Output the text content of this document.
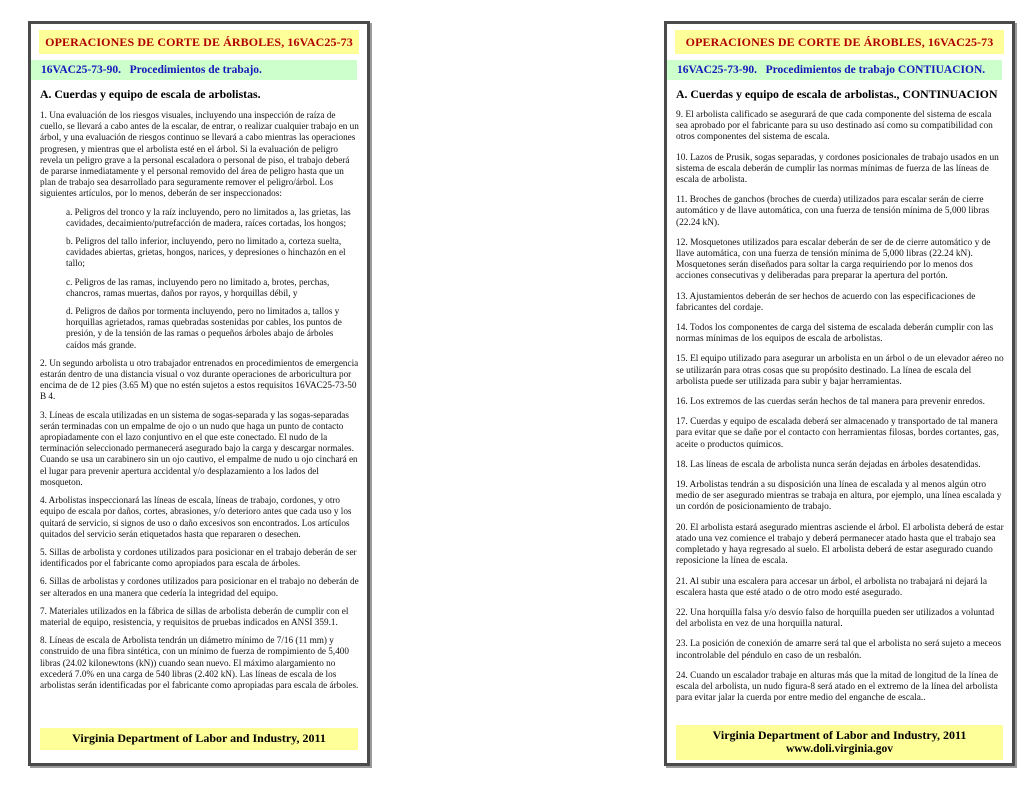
OPERACIONES DE CORTE DE ÁRBOLES, 16VAC25-73
16VAC25-73-90.   Procedimientos de trabajo.
A. Cuerdas y equipo de escala de arbolistas.

1. Una evaluación de los riesgos visuales, incluyendo una inspección de raíza de cuello, se llevará a cabo antes de la escalar, de entrar, o realizar cualquier trabajo en un árbol, y una evaluación de riesgos continuo se llevará a cabo mientras las operaciones progresen, y mientras que el arbolista esté en el árbol. Si la evaluación de peligro revela un peligro grave a la personal escaladora o personal de piso, el trabajo deberá de pararse inmediatamente y el personal removido del área de peligro hasta que un plan de trabajo sea desarrollado para seguramente remover el peligro/árbol. Los siguientes artículos, por lo menos, deberán de ser inspeccionados:

a. Peligros del tronco y la raíz incluyendo, pero no limitados a, las grietas, las cavidades, decaimiento/putrefacción de madera, raíces cortadas, los hongos;

b. Peligros del tallo inferior, incluyendo, pero no limitado a, corteza suelta, cavidades abiertas, grietas, hongos, narices, y depresiones o hinchazón en el tallo;

c. Peligros de las ramas, incluyendo pero no limitado a, brotes, perchas, chancros, ramas muertas, daños por rayos, y horquillas débil, y

d. Peligros de daños por tormenta incluyendo, pero no limitados a, tallos y horquillas agrietados, ramas quebradas sostenidas por cables, los puntos de presión, y de la tensión de las ramas o pequeños árboles abajo de árboles caídos más grande.

2. Un segundo arbolista u otro trabajador entrenados en procedimientos de emergencia estarán dentro de una distancia visual o voz durante operaciones de arboricultura por encima de de 12 pies (3.65 M) que no estén sujetos a estos requisitos 16VAC25-73-50 B 4.

3. Líneas de escala utilizadas en un sistema de sogas-separada y las sogas-separadas serán terminadas con un empalme de ojo o un nudo que haga un punto de contacto apropiadamente con el lazo conjuntivo en el que este conectado. El nudo de la terminación seleccionado permanecerá asegurado bajo la carga y descargar normales. Cuando se usa un carabinero sin un ojo cautivo, el empalme de nudo u ojo cinchará en el lugar para prevenir apertura accidental y/o desplazamiento a los lados del mosqueton.

4. Arbolistas inspeccionará las líneas de escala, líneas de trabajo, cordones, y otro equipo de escala por daños, cortes, abrasiones, y/o deterioro antes que cada uso y los quitará de servicio, si signos de uso o daño excesivos son encontrados. Los artículos quitados del servicio serán etiquetados hasta que repararen o desechen.

5. Sillas de arbolista y cordones utilizados para posicionar en el trabajo deberán de ser identificados por el fabricante como apropiados para escala de árboles.

6. Sillas de arbolistas y cordones utilizados para posicionar en el trabajo no deberán de ser alterados en una manera que cedería la integridad del equipo.

7. Materiales utilizados en la fábrica de sillas de arbolista deberán de cumplir con el material de equipo, resistencia, y requisitos de pruebas indicados en ANSI 359.1.

8. Líneas de escala de Arbolista tendrán un diámetro mínimo de 7/16 (11 mm) y construido de una fibra sintética, con un mínimo de fuerza de rompimiento de 5,400 libras (24.02 kilonewtons (kN)) cuando sean nuevo. El máximo alargamiento no excederá 7.0% en una carga de 540 libras (2.402 kN). Las líneas de escala de los arbolistas serán identificadas por el fabricante como apropiadas para escala de árboles.

Virginia Department of Labor and Industry, 2011
OPERACIONES DE CORTE DE ÁROBLES, 16VAC25-73
16VAC25-73-90.   Procedimientos de trabajo CONTIUACION.
A. Cuerdas y equipo de escala de arbolistas., CONTINUACION

9. El arbolista calificado se asegurará de que cada componente del sistema de escala sea aprobado por el fabricante para su uso destinado así como su compatibilidad con otros componentes del sistema de escala.

10. Lazos de Prusik, sogas separadas, y cordones posicionales de trabajo usados en un sistema de escala deberán de cumplir las normas mínimas de fuerza de las líneas de escala de arbolista.

11. Broches de ganchos (broches de cuerda) utilizados para escalar serán de cierre automático y de llave automática, con una fuerza de tensión mínima de 5,000 libras (22.24 kN).

12. Mosquetones utilizados para escalar deberán de ser de de cierre automático y de llave automática, con una fuerza de tensión mínima de 5,000 libras (22.24 kN). Mosquetones serán diseñados para soltar la carga requiriendo por lo menos dos acciones consecutivas y deliberadas para preparar la apertura del portón.

13. Ajustamientos deberán de ser hechos de acuerdo con las especificaciones de fabricantes del cordaje.

14. Todos los componentes de carga del sistema de escalada deberán cumplir con las normas mínimas de los equipos de escala de arbolistas.

15. El equipo utilizado para asegurar un arbolista en un árbol o de un elevador aéreo no se utilizarán para otras cosas que su propósito destinado. La línea de escala del arbolista puede ser utilizada para subir y bajar herramientas.

16. Los extremos de las cuerdas serán hechos de tal manera para prevenir enredos.

17. Cuerdas y equipo de escalada deberá ser almacenado y transportado de tal manera para evitar que se dañe por el contacto con herramientas filosas, bordes cortantes, gas, aceite o productos químicos.

18. Las líneas de escala de arbolista nunca serán dejadas en árboles desatendidas.

19. Arbolistas tendrán a su disposición una línea de escalada y al menos algún otro medio de ser asegurado mientras se trabaja en altura, por ejemplo, una línea escalada y un cordón de posicionamiento de trabajo.

20. El arbolista estará asegurado mientras asciende el árbol. El arbolista deberá de estar atado una vez comience el trabajo y deberá permanecer atado hasta que el trabajo sea completado y haya regresado al suelo. El arbolista deberá de estar asegurado cuando reposicione la línea de escala.

21. Al subir una escalera para accesar un árbol, el arbolista no trabajará ni dejará la escalera hasta que esté atado o de otro modo esté asegurado.

22. Una horquilla falsa y/o desvío falso de horquilla pueden ser utilizados a voluntad del arbolista en vez de una horquilla natural.

23. La posición de conexión de amarre será tal que el arbolista no será sujeto a meceos incontrolable del péndulo en caso de un resbalón.

24. Cuando un escalador trabaje en alturas más que la mitad de longitud de la línea de escala del arbolista, un nudo figura-8 será atado en el extremo de la línea del arbolista para evitar jalar la cuerda por entre medio del enganche de escala..

Virginia Department of Labor and Industry, 2011
www.doli.virginia.gov
